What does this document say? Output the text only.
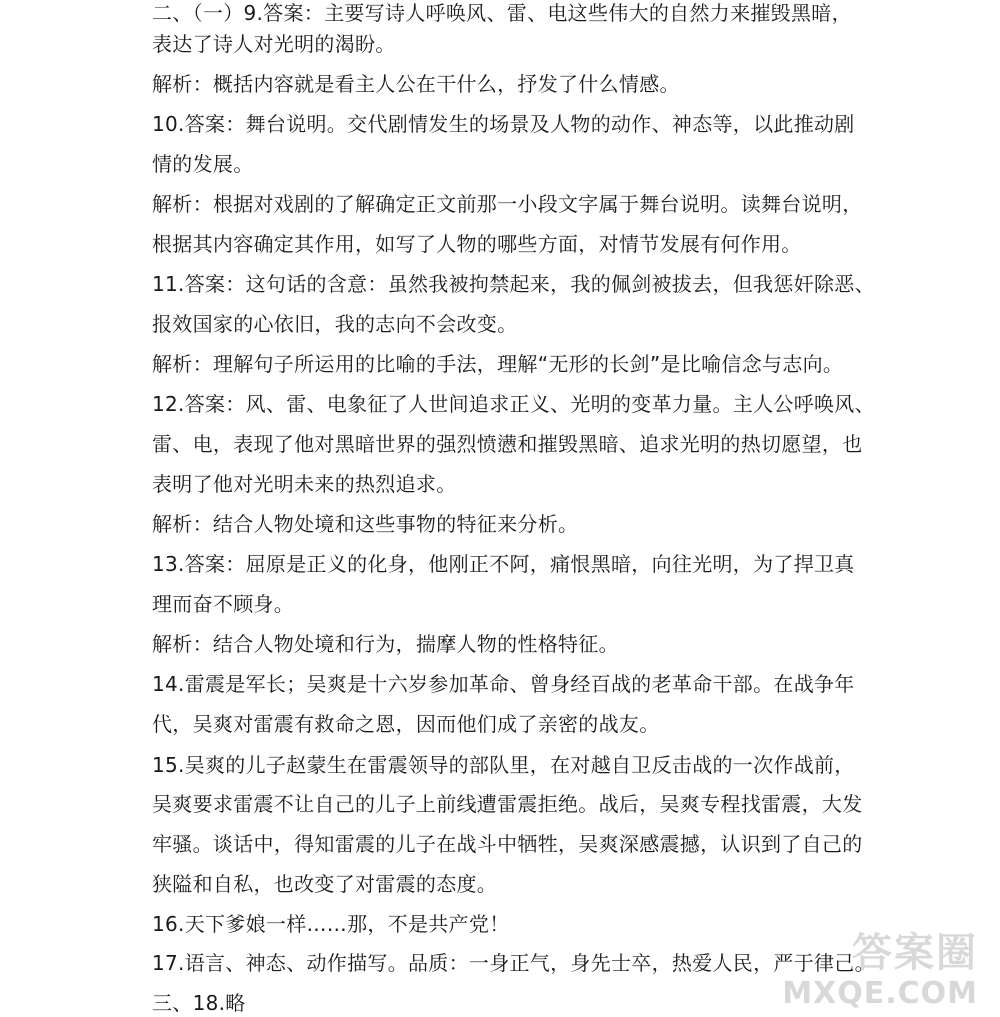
二、（一）9.答案：主要写诗人呼唤风、雷、电这些伟大的自然力来摧毁黑暗，
表达了诗人对光明的渴盼。
解析：概括内容就是看主人公在干什么，抒发了什么情感。
10.答案：舞台说明。交代剧情发生的场景及人物的动作、神态等，以此推动剧
情的发展。
解析：根据对戏剧的了解确定正文前那一小段文字属于舞台说明。读舞台说明，
根据其内容确定其作用，如写了人物的哪些方面，对情节发展有何作用。
11.答案：这句话的含意：虽然我被拘禁起来，我的佩剑被拔去，但我惩奸除恶、
报效国家的心依旧，我的志向不会改变。
解析：理解句子所运用的比喻的手法，理解“无形的长剑”是比喻信念与志向。
12.答案：风、雷、电象征了人世间追求正义、光明的变革力量。主人公呼唤风、
雷、电，表现了他对黑暗世界的强烈愤懑和摧毁黑暗、追求光明的热切愿望，也
表明了他对光明未来的热烈追求。
解析：结合人物处境和这些事物的特征来分析。
13.答案：屈原是正义的化身，他刚正不阿，痛恨黑暗，向往光明，为了捍卫真
理而奋不顾身。
解析：结合人物处境和行为，揣摩人物的性格特征。
14.雷震是军长；吴爽是十六岁参加革命、曾身经百战的老革命干部。在战争年
代，吴爽对雷震有救命之恩，因而他们成了亲密的战友。
15.吴爽的儿子赵蒙生在雷震领导的部队里，在对越自卫反击战的一次作战前，
吴爽要求雷震不让自己的儿子上前线遭雷震拒绝。战后，吴爽专程找雷震，大发
牢骚。谈话中，得知雷震的儿子在战斗中牺牲，吴爽深感震撼，认识到了自己的
狭隘和自私，也改变了对雷震的态度。
16.天下爹娘一样……那，不是共产党！
17.语言、神态、动作描写。品质：一身正气，身先士卒，热爱人民，严于律己。
三、18.略
答案圈
MXQE.COM
